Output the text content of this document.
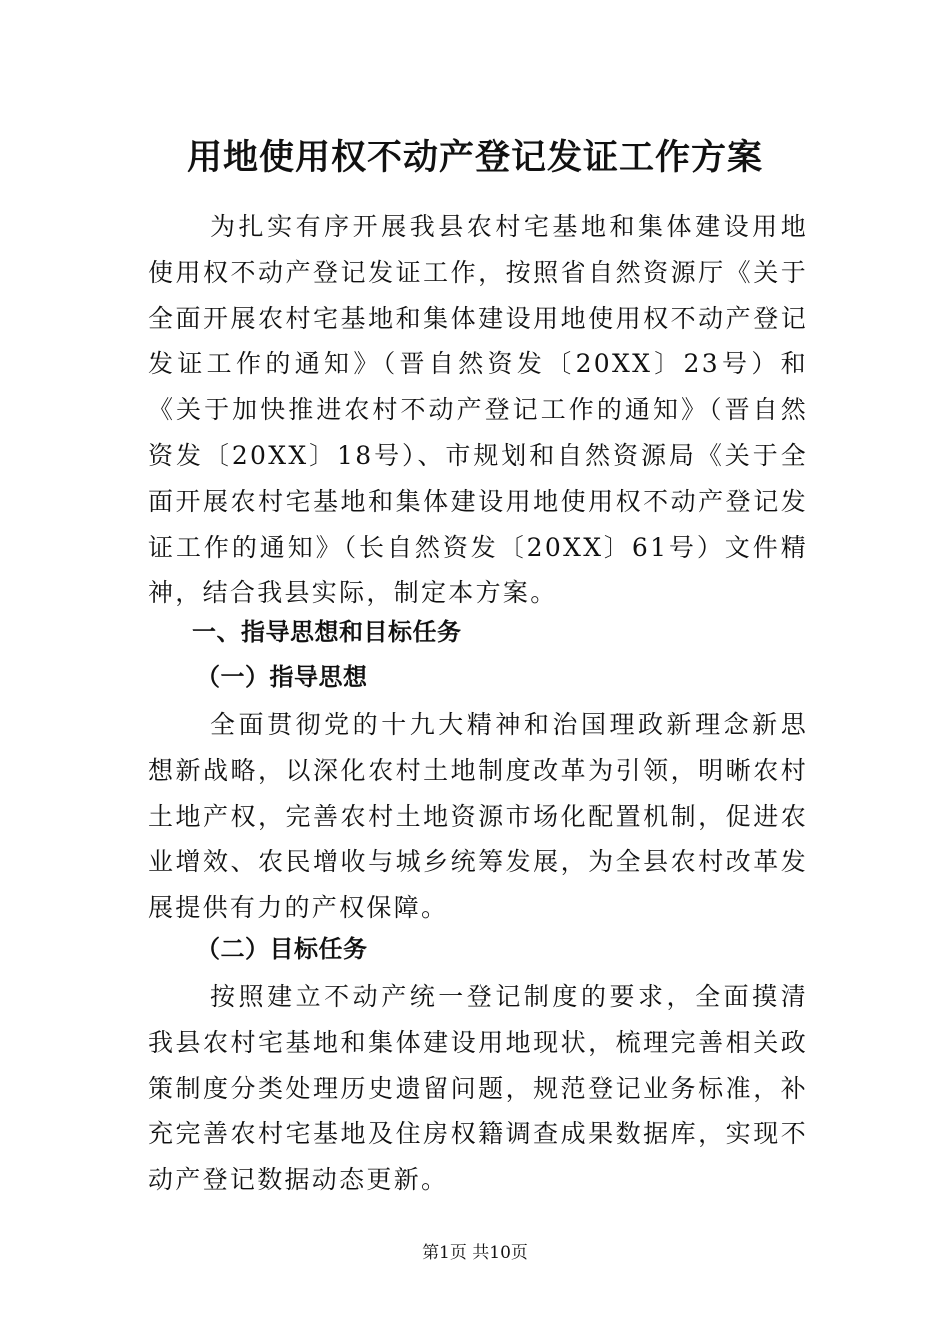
用地使用权不动产登记发证工作方案

为扎实有序开展我县农村宅基地和集体建设用地使用权不动产登记发证工作，按照省自然资源厅《关于全面开展农村宅基地和集体建设用地使用权不动产登记发证工作的通知》（晋自然资发〔20XX〕23号）和《关于加快推进农村不动产登记工作的通知》（晋自然资发〔20XX〕18号）、市规划和自然资源局《关于全面开展农村宅基地和集体建设用地使用权不动产登记发证工作的通知》（长自然资发〔20XX〕61号）文件精神，结合我县实际，制定本方案。

一、指导思想和目标任务
（一）指导思想

全面贯彻党的十九大精神和治国理政新理念新思想新战略，以深化农村土地制度改革为引领，明晰农村土地产权，完善农村土地资源市场化配置机制，促进农业增效、农民增收与城乡统筹发展，为全县农村改革发展提供有力的产权保障。

（二）目标任务

按照建立不动产统一登记制度的要求，全面摸清我县农村宅基地和集体建设用地现状，梳理完善相关政策制度分类处理历史遗留问题，规范登记业务标准，补充完善农村宅基地及住房权籍调查成果数据库，实现不动产登记数据动态更新。

第1页 共10页
